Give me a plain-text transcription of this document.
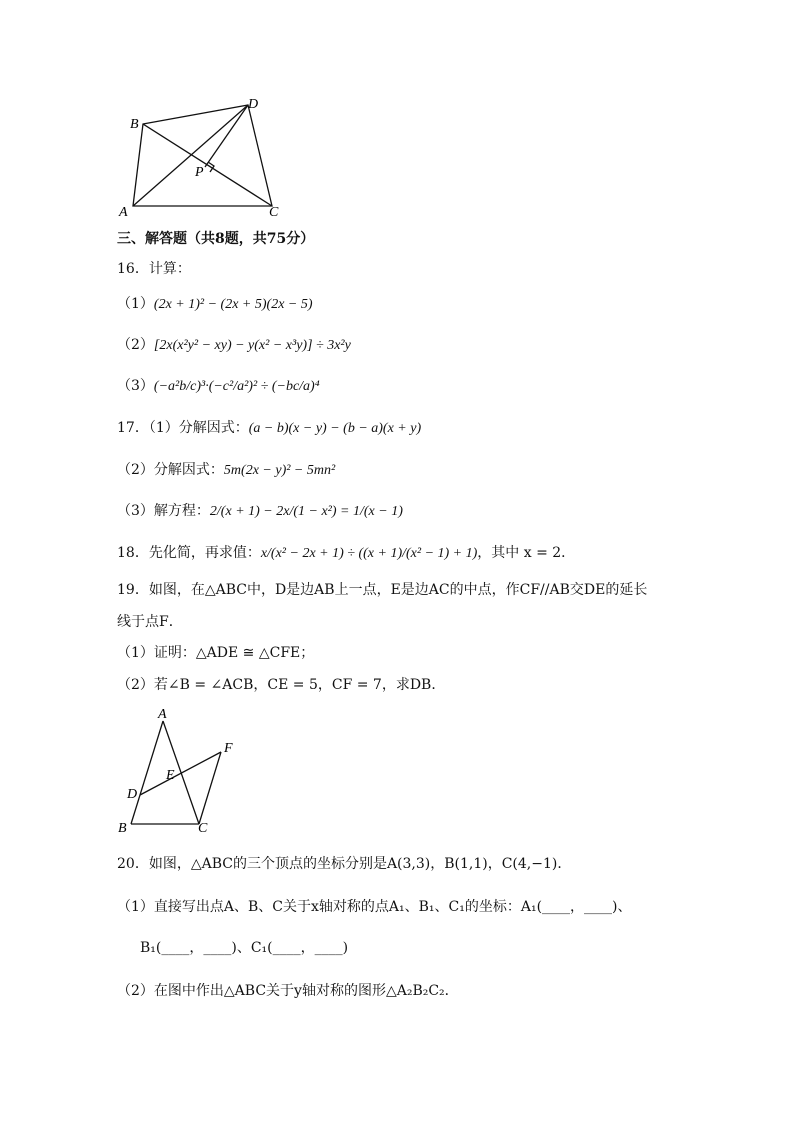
B
D
P
A	C
三、解答题（共8题，共75分）
16．计算：
（1）(2x + 1)² − (2x + 5)(2x − 5)
（2）[2x(x²y² − xy) − y(x² − x³y)] ÷ 3x²y
（3）(−a²b/c)³·(−c²/a²)² ÷ (−bc/a)⁴
17．（1）分解因式：(a − b)(x − y) − (b − a)(x + y)
（2）分解因式：5m(2x − y)² − 5mn²
（3）解方程：2/(x + 1) − 2x/(1 − x²) = 1/(x − 1)
18．先化简，再求值：x/(x² − 2x + 1) ÷ ((x + 1)/(x² − 1) + 1)，其中 x = 2．
19．如图，在△ABC中，D是边AB上一点，E是边AC的中点，作CF//AB交DE的延长
线于点F．
（1）证明：△ADE ≅ △CFE；
（2）若∠B = ∠ACB，CE = 5，CF = 7，求DB．
A
F
E
D
B	C
20．如图，△ABC的三个顶点的坐标分别是A(3,3)，B(1,1)，C(4,−1)．
（1）直接写出点A、B、C关于x轴对称的点A₁、B₁、C₁的坐标：A₁(____，____)、
B₁(____，____)、C₁(____，____)
（2）在图中作出△ABC关于y轴对称的图形△A₂B₂C₂．
